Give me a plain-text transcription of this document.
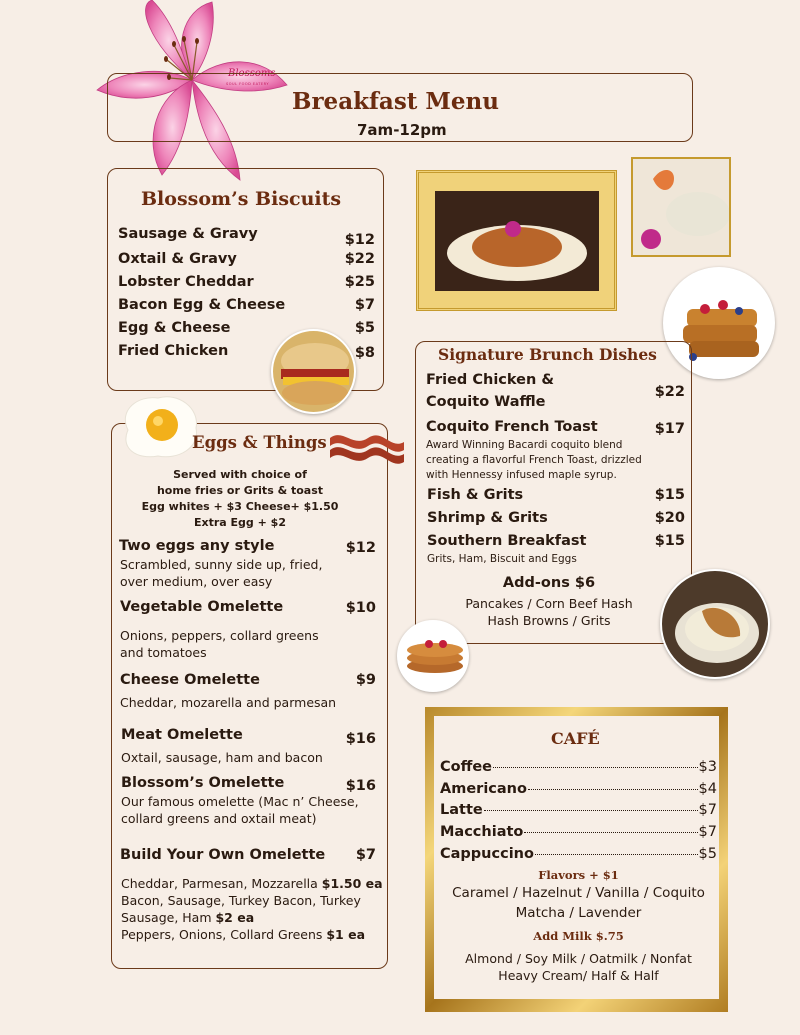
Blossoms
SOUL FOOD EATERY
Breakfast Menu
7am-12pm
Blossom’s Biscuits
Sausage & Gravy	$12
Oxtail & Gravy	$22
Lobster Cheddar	$25
Bacon Egg & Cheese	$7
Egg & Cheese	$5
Fried Chicken	$8
Eggs & Things
Served with choice of
home fries or Grits & toast
Egg whites + $3 Cheese+ $1.50
Extra Egg + $2
Two eggs any style	$12
Scrambled, sunny side up, fried,
over medium, over easy
Vegetable Omelette	$10
Onions, peppers, collard greens
and tomatoes
Cheese Omelette	$9
Cheddar, mozarella and parmesan
Meat Omelette	$16
Oxtail, sausage, ham and bacon
Blossom’s Omelette	$16
Our famous omelette (Mac n’ Cheese,
collard greens and oxtail meat)
Build Your Own Omelette	$7
Cheddar, Parmesan, Mozzarella $1.50 ea
Bacon, Sausage, Turkey Bacon, Turkey
Sausage, Ham $2 ea
Peppers, Onions, Collard Greens $1 ea
Signature Brunch Dishes
Fried Chicken &
Coquito Waffle
$22
Coquito French Toast	$17
Award Winning Bacardi coquito blend
creating a flavorful French Toast, drizzled
with Hennessy infused maple syrup.
Fish & Grits	$15
Shrimp & Grits	$20
Southern Breakfast	$15
Grits, Ham, Biscuit and Eggs
Add-ons $6
Pancakes / Corn Beef Hash
Hash Browns / Grits
CAFÉ
Coffee	$3
Americano	$4
Latte	$7
Macchiato	$7
Cappuccino	$5
Flavors + $1
Caramel / Hazelnut / Vanilla / Coquito
Matcha / Lavender
Add Milk $.75
Almond / Soy Milk / Oatmilk / Nonfat
Heavy Cream/ Half & Half
